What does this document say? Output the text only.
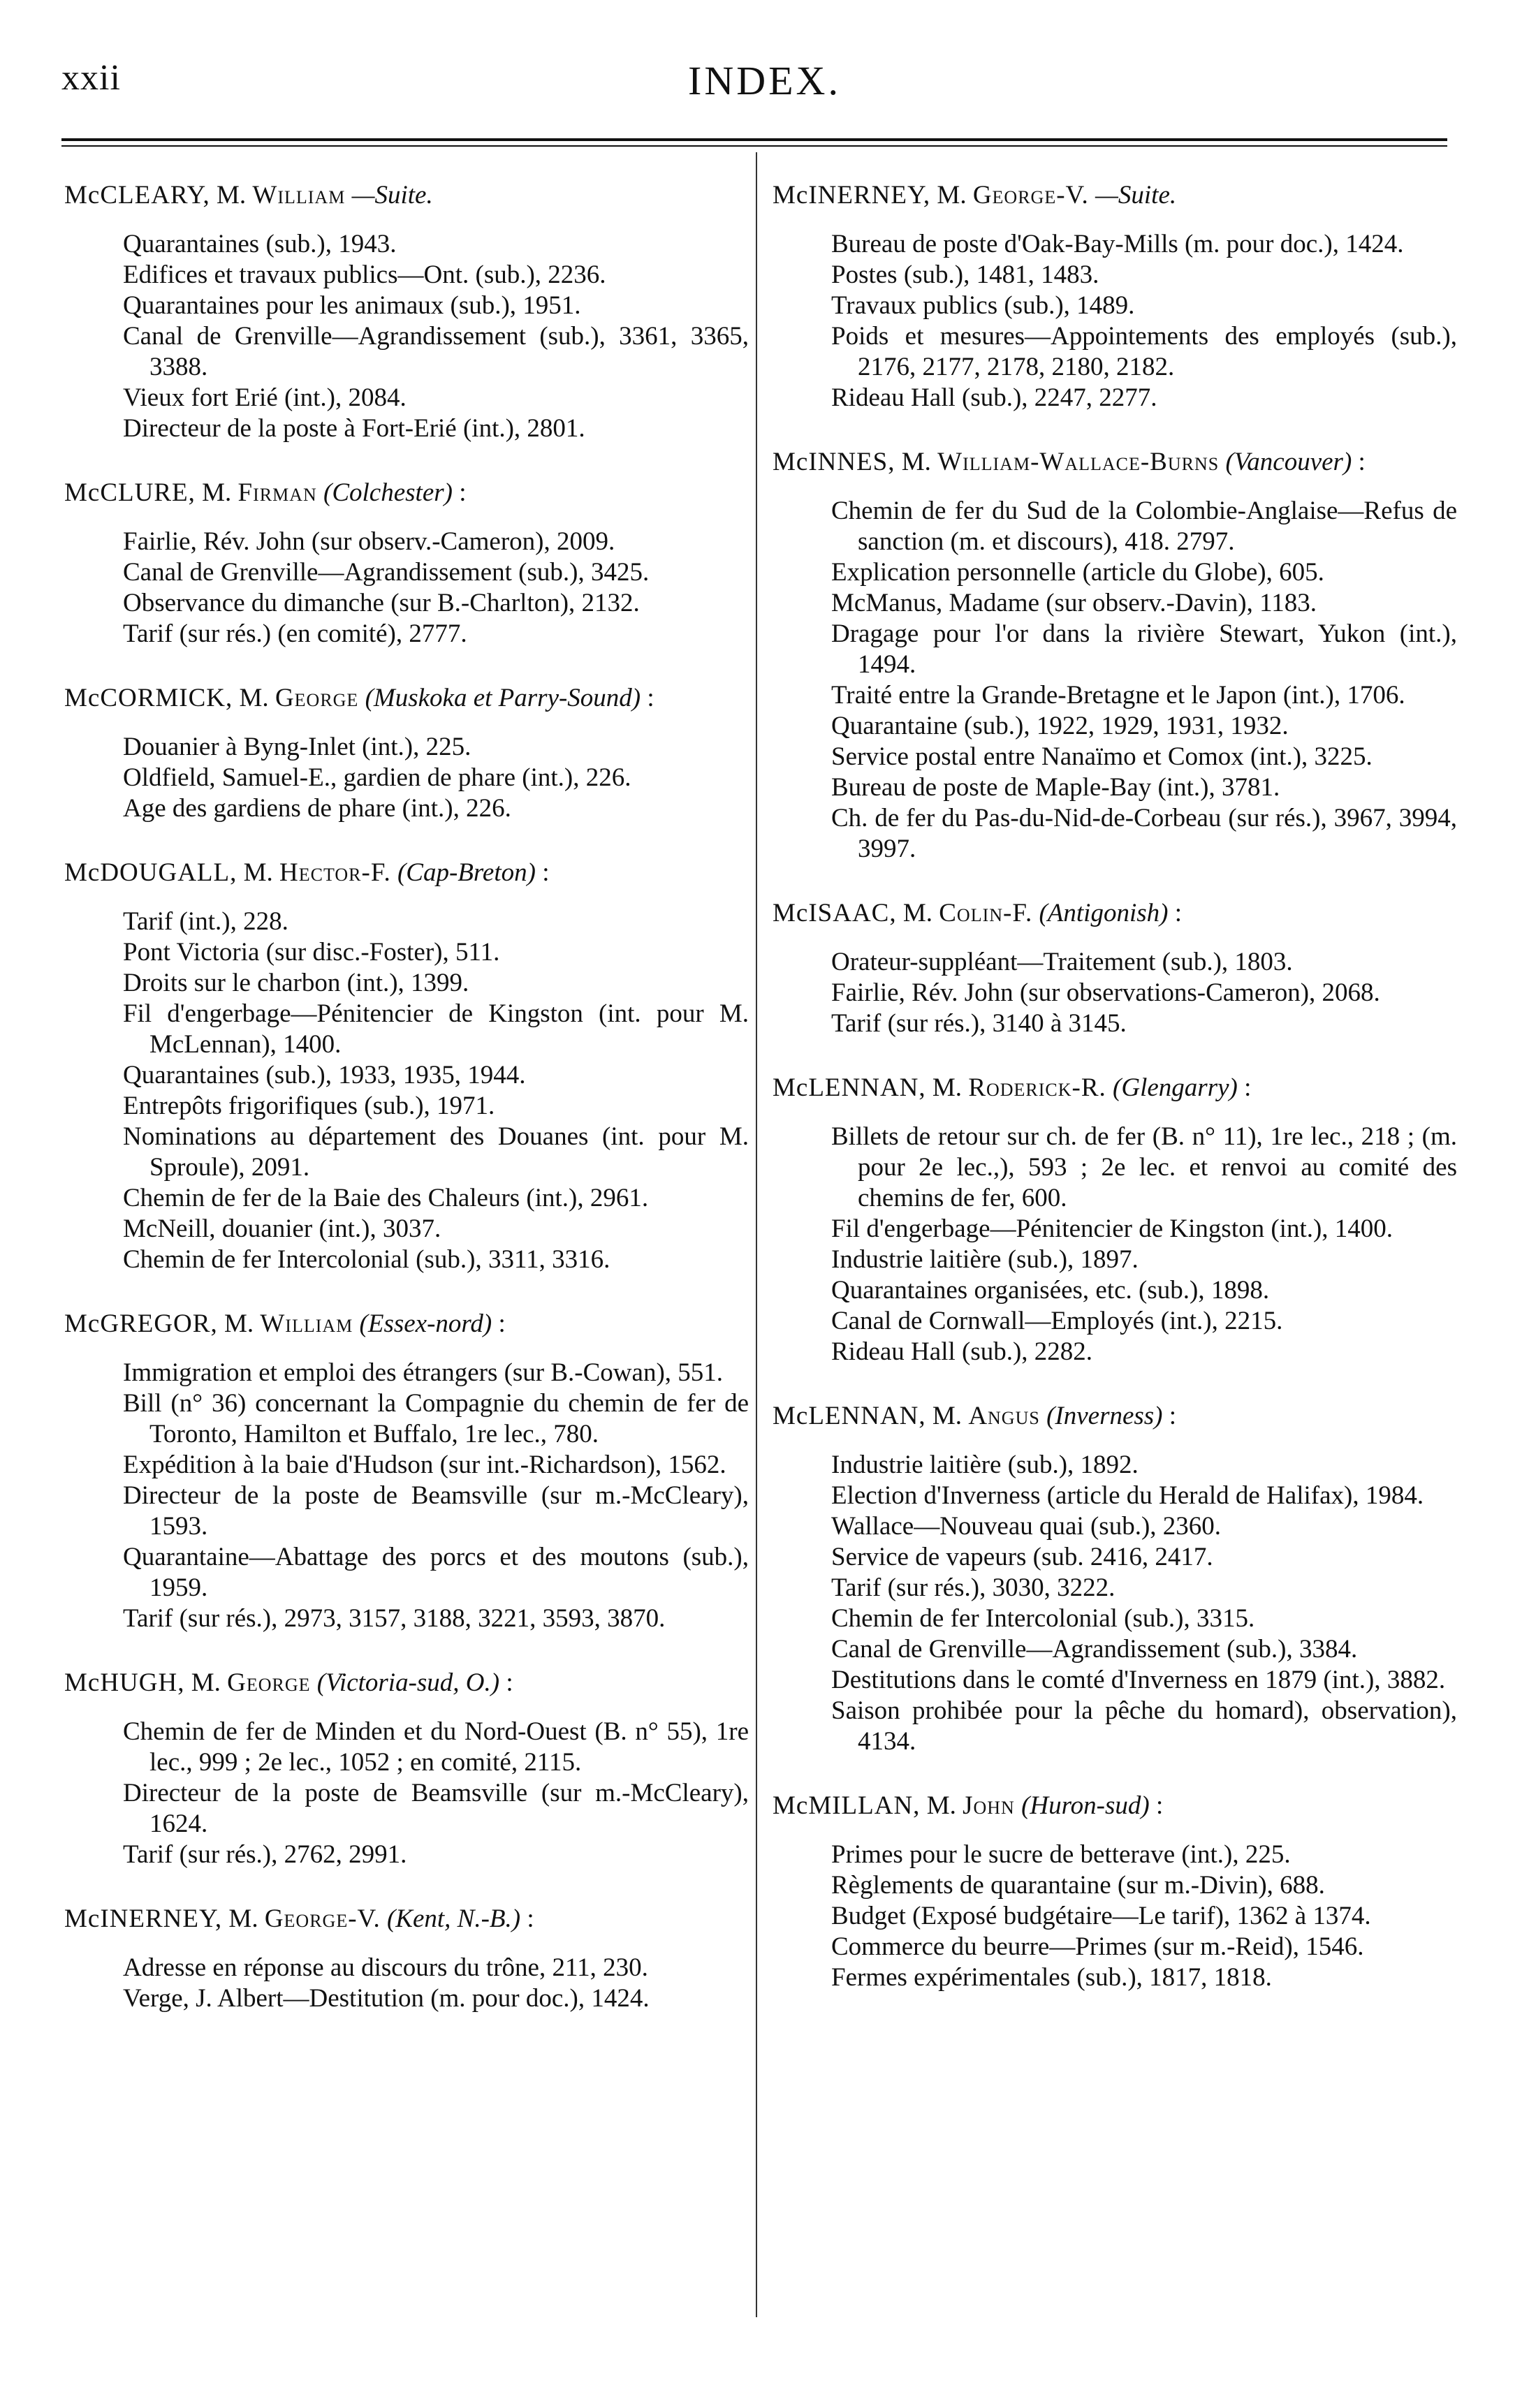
xxii	INDEX.
McCLEARY, M. William —Suite.
Quarantaines (sub.), 1943.
Edifices et travaux publics—Ont. (sub.), 2236.
Quarantaines pour les animaux (sub.), 1951.
Canal de Grenville—Agrandissement (sub.), 3361, 3365, 3388.
Vieux fort Erié (int.), 2084.
Directeur de la poste à Fort-Erié (int.), 2801.
McCLURE, M. Firman (Colchester) :
Fairlie, Rév. John (sur observ.-Cameron), 2009.
Canal de Grenville—Agrandissement (sub.), 3425.
Observance du dimanche (sur B.-Charlton), 2132.
Tarif (sur rés.) (en comité), 2777.
McCORMICK, M. George (Muskoka et Parry-Sound) :
Douanier à Byng-Inlet (int.), 225.
Oldfield, Samuel-E., gardien de phare (int.), 226.
Age des gardiens de phare (int.), 226.
McDOUGALL, M. Hector-F. (Cap-Breton) :
Tarif (int.), 228.
Pont Victoria (sur disc.-Foster), 511.
Droits sur le charbon (int.), 1399.
Fil d'engerbage—Pénitencier de Kingston (int. pour M. McLennan), 1400.
Quarantaines (sub.), 1933, 1935, 1944.
Entrepôts frigorifiques (sub.), 1971.
Nominations au département des Douanes (int. pour M. Sproule), 2091.
Chemin de fer de la Baie des Chaleurs (int.), 2961.
McNeill, douanier (int.), 3037.
Chemin de fer Intercolonial (sub.), 3311, 3316.
McGREGOR, M. William (Essex-nord) :
Immigration et emploi des étrangers (sur B.-Cowan), 551.
Bill (n° 36) concernant la Compagnie du chemin de fer de Toronto, Hamilton et Buffalo, 1re lec., 780.
Expédition à la baie d'Hudson (sur int.-Richardson), 1562.
Directeur de la poste de Beamsville (sur m.-McCleary), 1593.
Quarantaine—Abattage des porcs et des moutons (sub.), 1959.
Tarif (sur rés.), 2973, 3157, 3188, 3221, 3593, 3870.
McHUGH, M. George (Victoria-sud, O.) :
Chemin de fer de Minden et du Nord-Ouest (B. n° 55), 1re lec., 999 ; 2e lec., 1052 ; en comité, 2115.
Directeur de la poste de Beamsville (sur m.-McCleary), 1624.
Tarif (sur rés.), 2762, 2991.
McINERNEY, M. George-V. (Kent, N.-B.) :
Adresse en réponse au discours du trône, 211, 230.
Verge, J. Albert—Destitution (m. pour doc.), 1424.
McINERNEY, M. George-V. —Suite.
Bureau de poste d'Oak-Bay-Mills (m. pour doc.), 1424.
Postes (sub.), 1481, 1483.
Travaux publics (sub.), 1489.
Poids et mesures—Appointements des employés (sub.), 2176, 2177, 2178, 2180, 2182.
Rideau Hall (sub.), 2247, 2277.
McINNES, M. William-Wallace-Burns (Vancouver) :
Chemin de fer du Sud de la Colombie-Anglaise—Refus de sanction (m. et discours), 418. 2797.
Explication personnelle (article du Globe), 605.
McManus, Madame (sur observ.-Davin), 1183.
Dragage pour l'or dans la rivière Stewart, Yukon (int.), 1494.
Traité entre la Grande-Bretagne et le Japon (int.), 1706.
Quarantaine (sub.), 1922, 1929, 1931, 1932.
Service postal entre Nanaïmo et Comox (int.), 3225.
Bureau de poste de Maple-Bay (int.), 3781.
Ch. de fer du Pas-du-Nid-de-Corbeau (sur rés.), 3967, 3994, 3997.
McISAAC, M. Colin-F. (Antigonish) :
Orateur-suppléant—Traitement (sub.), 1803.
Fairlie, Rév. John (sur observations-Cameron), 2068.
Tarif (sur rés.), 3140 à 3145.
McLENNAN, M. Roderick-R. (Glengarry) :
Billets de retour sur ch. de fer (B. n° 11), 1re lec., 218 ; (m. pour 2e lec.,), 593 ; 2e lec. et renvoi au comité des chemins de fer, 600.
Fil d'engerbage—Pénitencier de Kingston (int.), 1400.
Industrie laitière (sub.), 1897.
Quarantaines organisées, etc. (sub.), 1898.
Canal de Cornwall—Employés (int.), 2215.
Rideau Hall (sub.), 2282.
McLENNAN, M. Angus (Inverness) :
Industrie laitière (sub.), 1892.
Election d'Inverness (article du Herald de Halifax), 1984.
Wallace—Nouveau quai (sub.), 2360.
Service de vapeurs (sub. 2416, 2417.
Tarif (sur rés.), 3030, 3222.
Chemin de fer Intercolonial (sub.), 3315.
Canal de Grenville—Agrandissement (sub.), 3384.
Destitutions dans le comté d'Inverness en 1879 (int.), 3882.
Saison prohibée pour la pêche du homard), observation), 4134.
McMILLAN, M. John (Huron-sud) :
Primes pour le sucre de betterave (int.), 225.
Règlements de quarantaine (sur m.-Divin), 688.
Budget (Exposé budgétaire—Le tarif), 1362 à 1374.
Commerce du beurre—Primes (sur m.-Reid), 1546.
Fermes expérimentales (sub.), 1817, 1818.
